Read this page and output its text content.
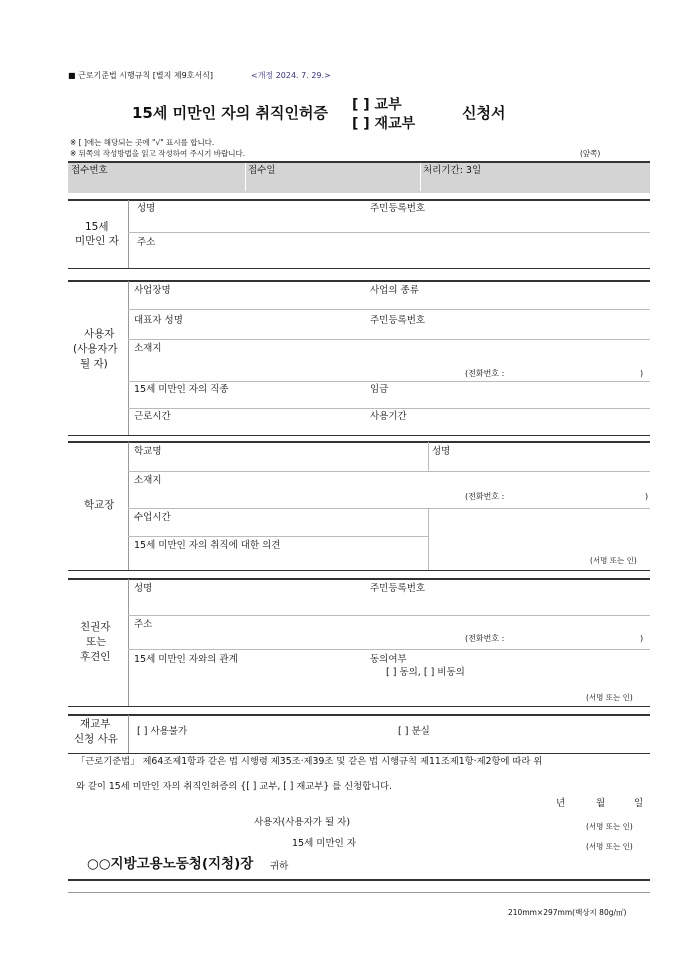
■ 근로기준법 시행규칙 [별지 제9호서식]	<개정 2024. 7. 29.>
15세 미만인 자의 취직인허증 [ ] 교부
[ ] 재교부
신청서
※ [ ]에는 해당되는 곳에 "√" 표시를 합니다.
※ 뒤쪽의 작성방법을 읽고 작성하여 주시기 바랍니다.	(앞쪽)
접수번호	접수일	처리기간: 3일
15세
미만인 자
성명	주민등록번호
주소
사용자
(사용자가
될 자)
사업장명	사업의 종류
대표자 성명	주민등록번호
소재지
(전화번호 :	)
15세 미만인 자의 직종	임금
근로시간	사용기간
학교장
학교명	성명
소재지
(전화번호 :	)
수업시간
15세 미만인 자의 취직에 대한 의견
(서명 또는 인)
친권자
또는
후견인
성명	주민등록번호
주소
(전화번호 :	)
15세 미만인 자와의 관계	동의여부
[ ] 동의, [ ] 비동의
(서명 또는 인)
재교부
신청 사유
[ ] 사용불가	[ ] 분실
「근로기준법」 제64조제1항과 같은 법 시행령 제35조·제39조 및 같은 법 시행규칙 제11조제1항·제2항에 따라 위
와 같이 15세 미만인 자의 취직인허증의 {[ ] 교부, [ ] 재교부} 를 신청합니다.
년	월	일
사용자(사용자가 될 자)	(서명 또는 인)
15세 미만인 자	(서명 또는 인)
○○지방고용노동청(지청)장 귀하
210mm×297mm(백상지 80g/㎡)
